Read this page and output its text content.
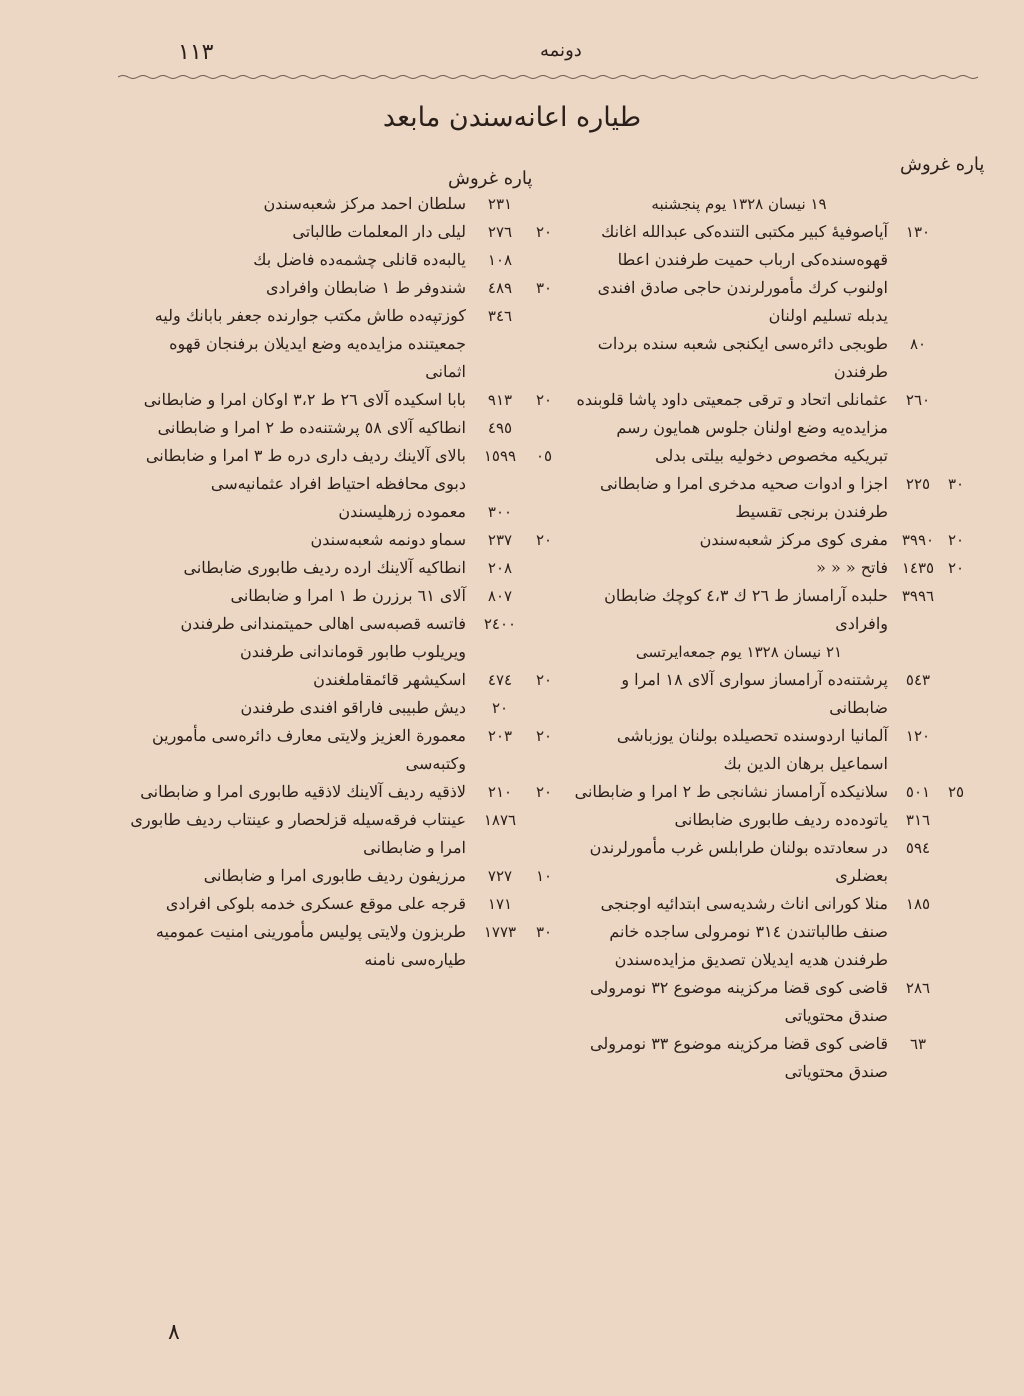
١١٣	دونمه
طياره اعانه‌سندن مابعد
پاره غروش
پاره غروش
١٩ نيسان ١٣٢٨ يوم پنجشنبه
١٣٠
آياصوفيهٔ كبير مكتبى التنده‌كى عبدالله اغانك قهوه‌سنده‌كى ارباب حميت طرفندن اعطا اولنوب كرك مأمورلرندن حاجى صادق افندى يدبله تسليم اولنان
٨٠
طوبجى دائره‌سى ايكنجى شعبه سنده بردات طرفندن
٢٦٠
عثمانلى اتحاد و ترقى جمعيتى داود پاشا قلوبنده مزايده‌يه وضع اولنان جلوس همايون رسم تبريكيه مخصوص دخوليه بيلتى بدلى
٣٠
٢٢٥
اجزا و ادوات صحيه مدخرى امرا و ضابطانى طرفندن برنجى تقسيط
٢٠
٣٩٩٠
مفرى كوى مركز شعبه‌سندن
٢٠
١٤٣٥
فاتح « « «
٣٩٩٦
حلبده آرامساز ط ٢٦ ك ٤،٣ كوچك ضابطان وافرادى
٢١ نيسان ١٣٢٨ يوم جمعه‌ايرتسى
٥٤٣
پرشتنه‌ده آرامساز سوارى آلاى ١٨ امرا و ضابطانى
١٢٠
آلمانيا اردوسنده تحصيلده بولنان يوزباشى اسماعيل برهان الدين بك
٢٥
٥٠١
سلانيكده آرامساز نشانجى ط ٢ امرا و ضابطانى
٣١٦
ياتوده‌ده رديف طابورى ضابطانى
٥٩٤
در سعادتده بولنان طرابلس غرب مأمورلرندن بعضلرى
١٨٥
منلا كورانى اناث رشديه‌سى ابتدائيه اوجنجى صنف طالباتندن ٣١٤ نومرولى ساجده خانم طرفندن هديه ايديلان تصديق مزايده‌سندن
٢٨٦
قاضى كوى قضا مركزينه موضوع ٣٢ نومرولى صندق محتوياتى
٦٣
قاضى كوى قضا مركزينه موضوع ٣٣ نومرولى صندق محتوياتى
٢٣١
سلطان احمد مركز شعبه‌سندن
٢٠
٢٧٦
ليلى دار المعلمات طالباتى
١٠٨
يالبه‌ده قانلى چشمه‌ده فاضل بك
٣٠
٤٨٩
شندوفر ط ١ ضابطان وافرادى
٣٤٦
كوزتپه‌ده طاش مكتب جوارنده جعفر بابانك وليه جمعيتنده مزايده‌يه وضع ايديلان برفنجان قهوه اثمانى
٢٠
٩١٣
بابا اسكيده آلاى ٢٦ ط ٣،٢ اوكان امرا و ضابطانى
٤٩٥
انطاكيه آلاى ٥٨ پرشتنه‌ده ط ٢ امرا و ضابطانى
٠٥
١٥٩٩
بالاى آلاينك رديف دارى دره ط ٣ امرا و ضابطانى دبوى محافظه احتياط افراد عثمانيه‌سى
٣٠٠
معموده زرهليسندن
٢٠
٢٣٧
سماو دونمه شعبه‌سندن
٢٠٨
انطاكيه آلاينك ارده رديف طابورى ضابطانى
٨٠٧
آلاى ٦١ برزرن ط ١ امرا و ضابطانى
٢٤٠٠
فاتسه قصبه‌سى اهالى حميتمندانى طرفندن ويريلوب طابور قوماندانى طرفندن
٢٠
٤٧٤
اسكيشهر قائمقاملغندن
٢٠
ديش طبيبى فاراقو افندى طرفندن
٢٠
٢٠٣
معمورة العزيز ولايتى معارف دائره‌سى مأمورين وكتبه‌سى
٢٠
٢١٠
لاذقيه رديف آلاينك لاذقيه طابورى امرا و ضابطانى
١٨٧٦
عينتاب فرقه‌سيله قزلحصار و عينتاب رديف طابورى امرا و ضابطانى
١٠
٧٢٧
مرزيفون رديف طابورى امرا و ضابطانى
١٧١
قرجه على موقع عسكرى خدمه بلوكى افرادى
٣٠
١٧٧٣
طربزون ولايتى پوليس مأمورينى امنيت عموميه طياره‌سى نامنه
٨
